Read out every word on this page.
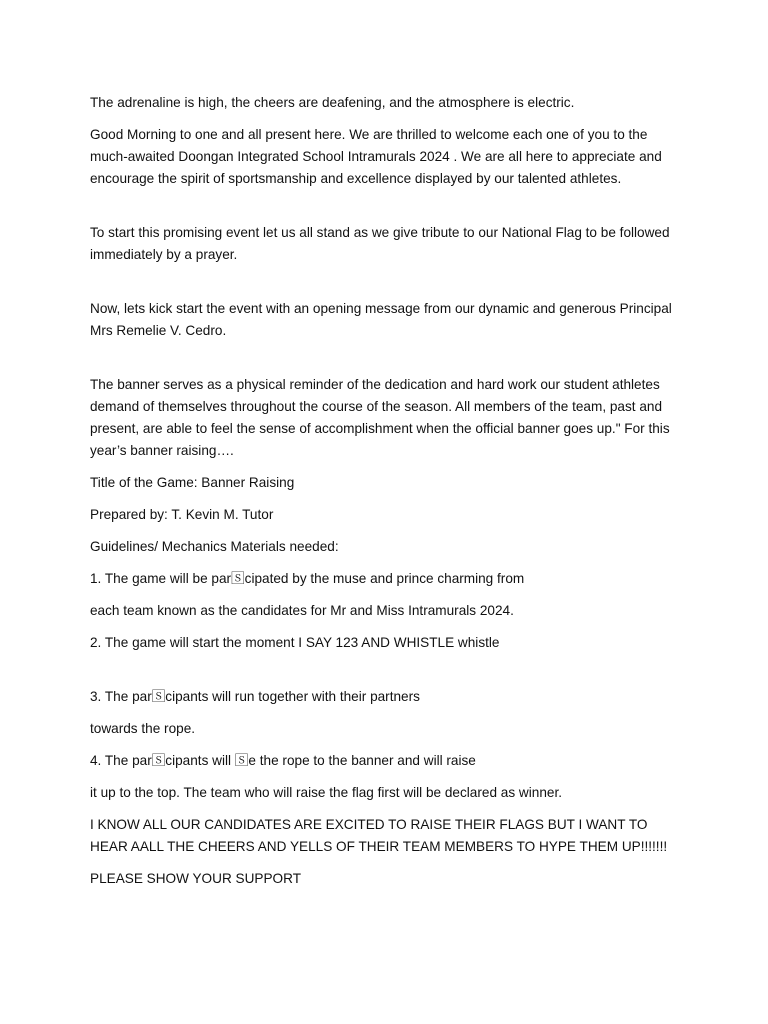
The adrenaline is high, the cheers are deafening, and the atmosphere is electric.

Good Morning to one and all present here. We are thrilled to welcome each one of you to the much-awaited Doongan Integrated School Intramurals 2024 . We are all here to appreciate and encourage the spirit of sportsmanship and excellence displayed by our talented athletes.

To start this promising event let us all stand as we give tribute to our National Flag to be followed immediately by a prayer.

Now, lets kick start the event with an opening message from our dynamic and generous Principal Mrs Remelie V. Cedro.

The banner serves as a physical reminder of the dedication and hard work our student athletes demand of themselves throughout the course of the season. All members of the team, past and present, are able to feel the sense of accomplishment when the official banner goes up." For this year’s banner raising….

Title of the Game: Banner Raising

Prepared by: T. Kevin M. Tutor

Guidelines/ Mechanics Materials needed:

1. The game will be par🅂cipated by the muse and prince charming from

each team known as the candidates for Mr and Miss Intramurals 2024.

2. The game will start the moment I SAY 123 AND WHISTLE whistle

3. The par🅂cipants will run together with their partners

towards the rope.

4. The par🅂cipants will 🅂e the rope to the banner and will raise

it up to the top. The team who will raise the flag first will be declared as winner.

I KNOW ALL OUR CANDIDATES ARE EXCITED TO RAISE THEIR FLAGS BUT I WANT TO HEAR AALL THE CHEERS AND YELLS OF THEIR TEAM MEMBERS TO HYPE THEM UP!!!!!!!

PLEASE SHOW YOUR SUPPORT
